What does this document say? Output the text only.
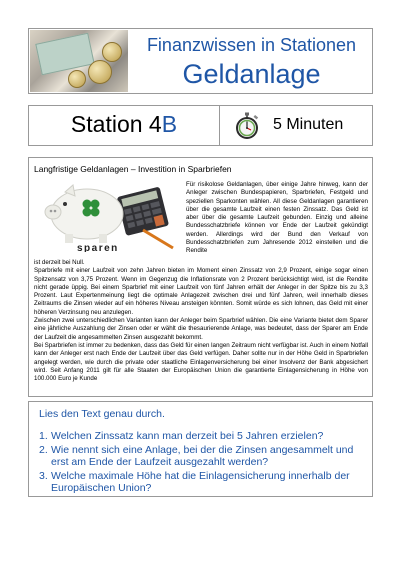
Finanzwissen in Stationen
Geldanlage
Station 4B	5 Minuten
Langfristige Geldanlagen – Investition in Sparbriefen
sparen

Für risikolose Geldanlagen, über einige Jahre hinweg, kann der Anleger zwischen Bundespapieren, Sparbriefen, Festgeld und speziellen Sparkonten wählen. All diese Geldanlagen garantieren über die gesamte Laufzeit einen festen Zinssatz. Das Geld ist aber über die gesamte Laufzeit gebunden. Einzig und alleine Bundesschatzbriefe können vor Ende der Laufzeit gekündigt werden. Allerdings wird der Bund den Verkauf von Bundesschatzbriefen zum Jahresende 2012 einstellen und die Rendite

ist derzeit bei Null.

Sparbriefe mit einer Laufzeit von zehn Jahren bieten im Moment einen Zinssatz von 2,9 Prozent, einige sogar einen Spitzensatz von 3,75 Prozent. Wenn im Gegenzug die Inflationsrate von 2 Prozent berücksichtigt wird, ist die Rendite nicht gerade üppig. Bei einem Sparbrief mit einer Laufzeit von fünf Jahren erhält der Anleger in der Spitze bis zu 3,3 Prozent. Laut Expertenmeinung liegt die optimale Anlagezeit zwischen drei und fünf Jahren, weil innerhalb dieses Zeitraums die Zinsen wieder auf ein höheres Niveau ansteigen könnten. Somit würde es sich lohnen, das Geld mit einer höheren Verzinsung neu anzulegen.

Zwischen zwei unterschiedlichen Varianten kann der Anleger beim Sparbrief wählen. Die eine Variante bietet dem Sparer eine jährliche Auszahlung der Zinsen oder er wählt die thesaurierende Anlage, was bedeutet, dass der Sparer am Ende der Laufzeit die angesammelten Zinsen ausgezahlt bekommt.

Bei Sparbriefen ist immer zu bedenken, dass das Geld für einen langen Zeitraum nicht verfügbar ist. Auch in einem Notfall kann der Anleger erst nach Ende der Laufzeit über das Geld verfügen. Daher sollte nur in der Höhe Geld in Sparbriefen angelegt werden, wie durch die private oder staatliche Einlagenversicherung bei einer Insolvenz der Bank abgesichert wird. Seit Anfang 2011 gilt für alle Staaten der Europäischen Union die garantierte Einlagensicherung in Höhe von 100.000 Euro je Kunde

Lies den Text genau durch.
1. Welchen Zinssatz kann man derzeit bei 5 Jahren erzielen?
2. Wie nennt sich eine Anlage, bei der die Zinsen angesammelt und erst am Ende der Laufzeit ausgezahlt werden?
3. Welche maximale Höhe hat die Einlagensicherung innerhalb der Europäischen Union?
